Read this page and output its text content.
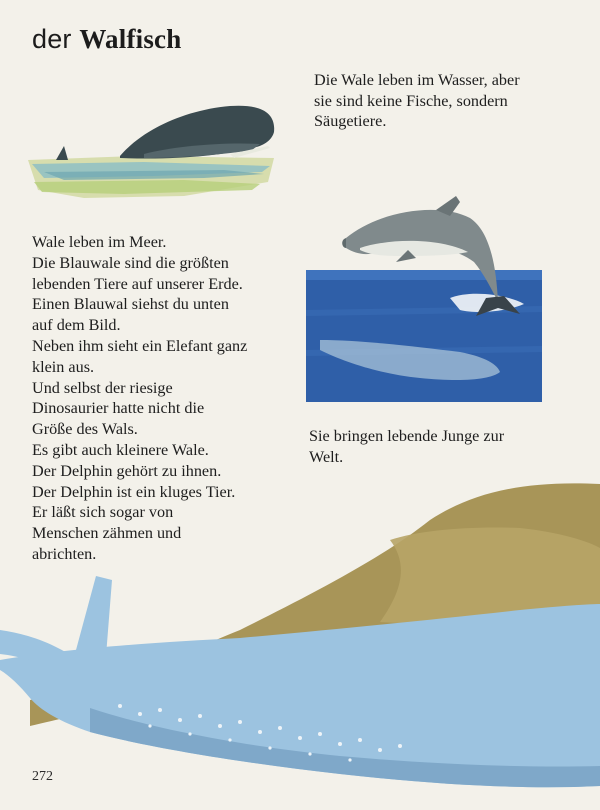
der Walfisch

Die Wale leben im Wasser, aber
sie sind keine Fische, sondern
Säugetiere.

Wale leben im Meer.
Die Blauwale sind die größten
lebenden Tiere auf unserer Erde.
Einen Blauwal siehst du unten
auf dem Bild.
Neben ihm sieht ein Elefant ganz
klein aus.
Und selbst der riesige
Dinosaurier hatte nicht die
Größe des Wals.
Es gibt auch kleinere Wale.
Der Delphin gehört zu ihnen.
Der Delphin ist ein kluges Tier.
Er läßt sich sogar von
Menschen zähmen und
abrichten.

Sie bringen lebende Junge zur
Welt.

272
